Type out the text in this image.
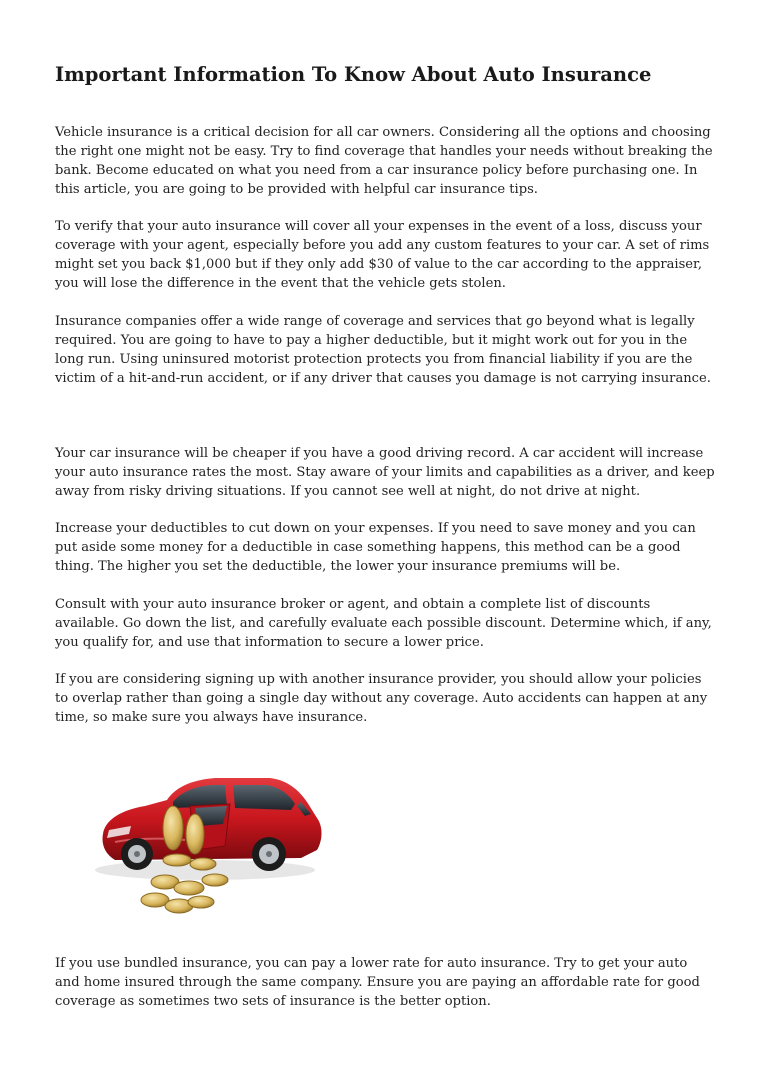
Important Information To Know About Auto Insurance

Vehicle insurance is a critical decision for all car owners. Considering all the options and choosing the right one might not be easy. Try to find coverage that handles your needs without breaking the bank. Become educated on what you need from a car insurance policy before purchasing one. In this article, you are going to be provided with helpful car insurance tips.

To verify that your auto insurance will cover all your expenses in the event of a loss, discuss your coverage with your agent, especially before you add any custom features to your car. A set of rims might set you back $1,000 but if they only add $30 of value to the car according to the appraiser, you will lose the difference in the event that the vehicle gets stolen.

Insurance companies offer a wide range of coverage and services that go beyond what is legally required. You are going to have to pay a higher deductible, but it might work out for you in the long run. Using uninsured motorist protection protects you from financial liability if you are the victim of a hit-and-run accident, or if any driver that causes you damage is not carrying insurance.

Your car insurance will be cheaper if you have a good driving record. A car accident will increase your auto insurance rates the most. Stay aware of your limits and capabilities as a driver, and keep away from risky driving situations. If you cannot see well at night, do not drive at night.

Increase your deductibles to cut down on your expenses. If you need to save money and you can put aside some money for a deductible in case something happens, this method can be a good thing. The higher you set the deductible, the lower your insurance premiums will be.

Consult with your auto insurance broker or agent, and obtain a complete list of discounts available. Go down the list, and carefully evaluate each possible discount. Determine which, if any, you qualify for, and use that information to secure a lower price.

If you are considering signing up with another insurance provider, you should allow your policies to overlap rather than going a single day without any coverage. Auto accidents can happen at any time, so make sure you always have insurance.

If you use bundled insurance, you can pay a lower rate for auto insurance. Try to get your auto and home insured through the same company. Ensure you are paying an affordable rate for good coverage as sometimes two sets of insurance is the better option.
